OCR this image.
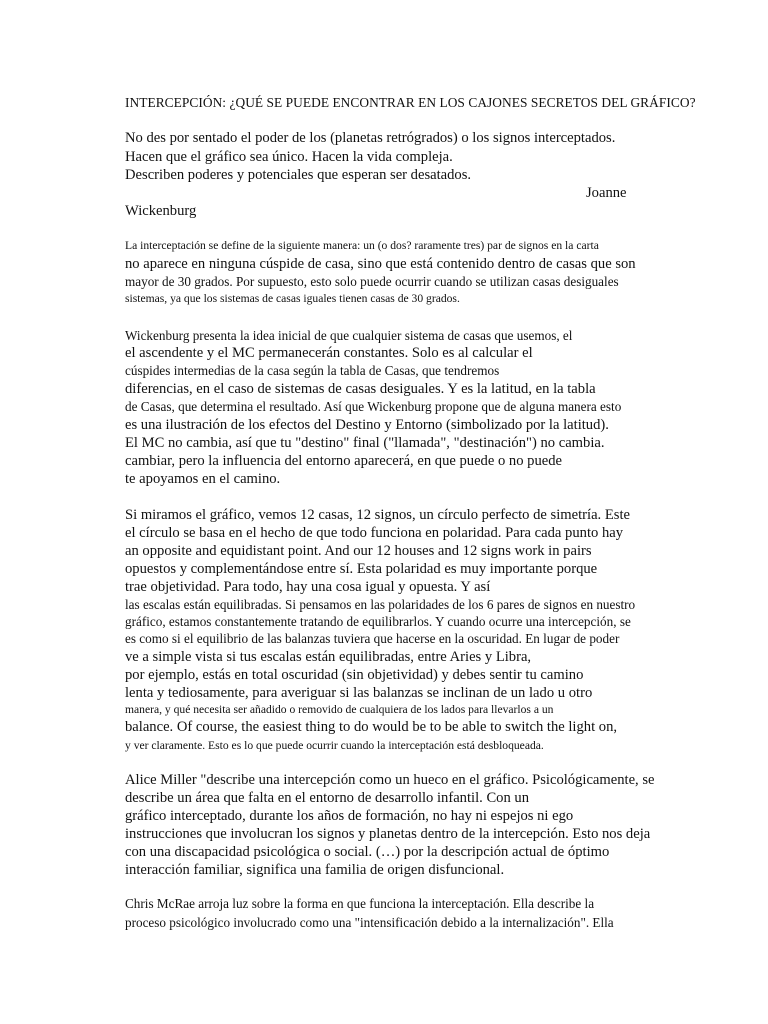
INTERCEPCIÓN: ¿QUÉ SE PUEDE ENCONTRAR EN LOS CAJONES SECRETOS DEL GRÁFICO?
No des por sentado el poder de los (planetas retrógrados) o los signos interceptados.
Hacen que el gráfico sea único. Hacen la vida compleja.
Describen poderes y potenciales que esperan ser desatados.
Joanne
Wickenburg
La interceptación se define de la siguiente manera: un (o dos? raramente tres) par de signos en la carta
no aparece en ninguna cúspide de casa, sino que está contenido dentro de casas que son
mayor de 30 grados. Por supuesto, esto solo puede ocurrir cuando se utilizan casas desiguales
sistemas, ya que los sistemas de casas iguales tienen casas de 30 grados.
Wickenburg presenta la idea inicial de que cualquier sistema de casas que usemos, el
el ascendente y el MC permanecerán constantes. Solo es al calcular el
cúspides intermedias de la casa según la tabla de Casas, que tendremos
diferencias, en el caso de sistemas de casas desiguales. Y es la latitud, en la tabla
de Casas, que determina el resultado. Así que Wickenburg propone que de alguna manera esto
es una ilustración de los efectos del Destino y Entorno (simbolizado por la latitud).
El MC no cambia, así que tu "destino" final ("llamada", "destinación") no cambia.
cambiar, pero la influencia del entorno aparecerá, en que puede o no puede
te apoyamos en el camino.
Si miramos el gráfico, vemos 12 casas, 12 signos, un círculo perfecto de simetría. Este
el círculo se basa en el hecho de que todo funciona en polaridad. Para cada punto hay
an opposite and equidistant point. And our 12 houses and 12 signs work in pairs
opuestos y complementándose entre sí. Esta polaridad es muy importante porque
trae objetividad. Para todo, hay una cosa igual y opuesta. Y así
las escalas están equilibradas. Si pensamos en las polaridades de los 6 pares de signos en nuestro
gráfico, estamos constantemente tratando de equilibrarlos. Y cuando ocurre una intercepción, se
es como si el equilibrio de las balanzas tuviera que hacerse en la oscuridad. En lugar de poder
ve a simple vista si tus escalas están equilibradas, entre Aries y Libra,
por ejemplo, estás en total oscuridad (sin objetividad) y debes sentir tu camino
lenta y tediosamente, para averiguar si las balanzas se inclinan de un lado u otro
manera, y qué necesita ser añadido o removido de cualquiera de los lados para llevarlos a un
balance. Of course, the easiest thing to do would be to be able to switch the light on,
y ver claramente. Esto es lo que puede ocurrir cuando la interceptación está desbloqueada.
Alice Miller "describe una intercepción como un hueco en el gráfico. Psicológicamente, se
describe un área que falta en el entorno de desarrollo infantil. Con un
gráfico interceptado, durante los años de formación, no hay ni espejos ni ego
instrucciones que involucran los signos y planetas dentro de la intercepción. Esto nos deja
con una discapacidad psicológica o social. (…) por la descripción actual de óptimo
interacción familiar, significa una familia de origen disfuncional.
Chris McRae arroja luz sobre la forma en que funciona la interceptación. Ella describe la
proceso psicológico involucrado como una "intensificación debido a la internalización". Ella
